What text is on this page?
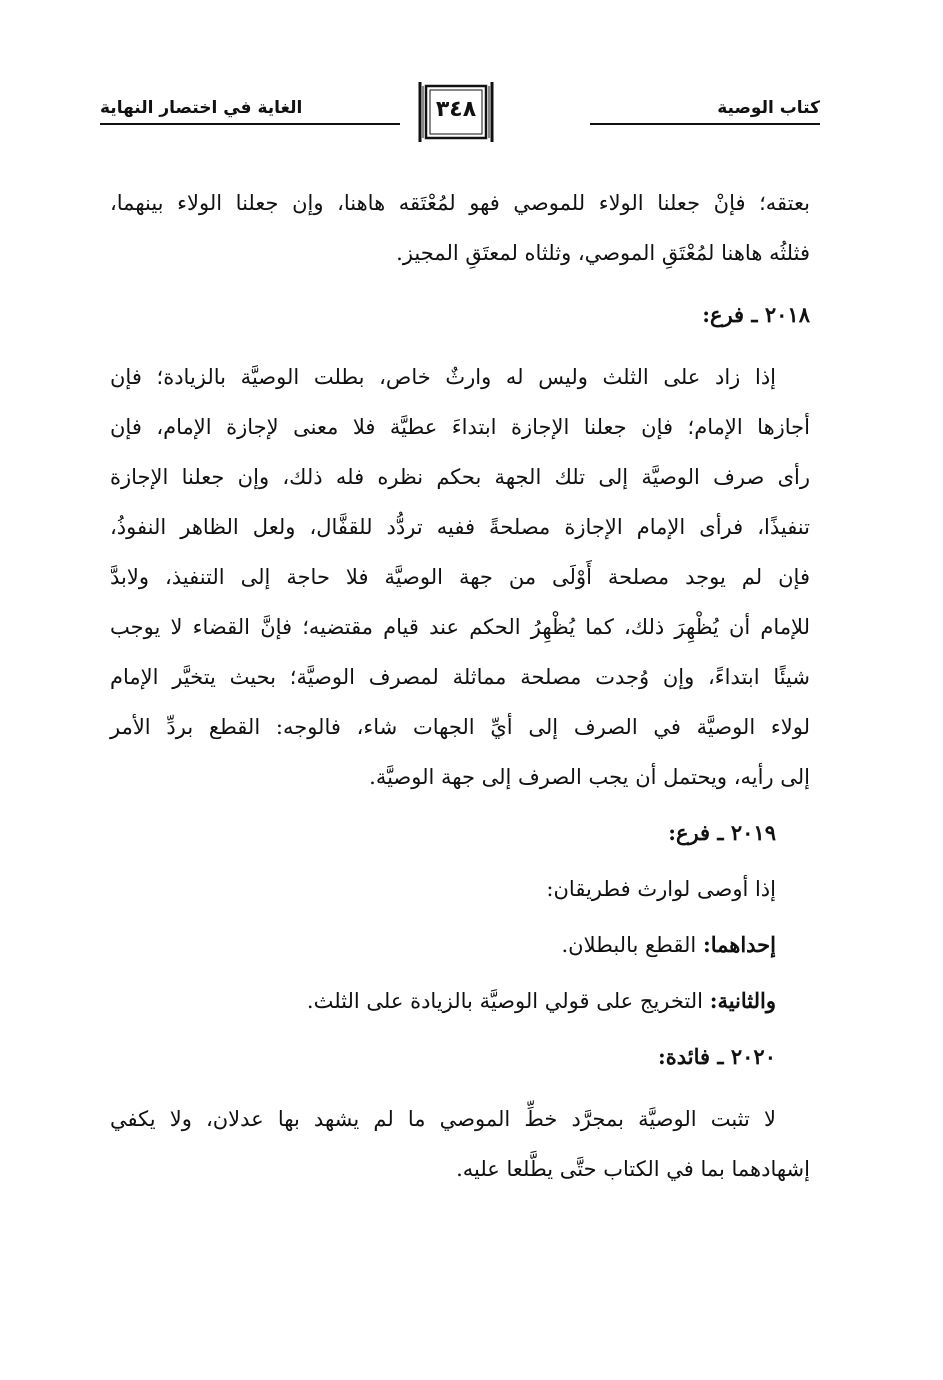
كتاب الوصية
٣٤٨
الغاية في اختصار النهاية
بعتقه؛ فإنْ جعلنا الولاء للموصي فهو لمُعْتَقه هاهنا، وإن جعلنا الولاء بينهما،
فثلثُه هاهنا لمُعْتَقِ الموصي، وثلثاه لمعتَقِ المجيز.
٢٠١٨ ـ فرع:
إذا زاد على الثلث وليس له وارثٌ خاص، بطلت الوصيَّة بالزيادة؛ فإن
أجازها الإمام؛ فإن جعلنا الإجازة ابتداءَ عطيَّة فلا معنى لإجازة الإمام، فإن
رأى صرف الوصيَّة إلى تلك الجهة بحكم نظره فله ذلك، وإن جعلنا الإجازة
تنفيذًا، فرأى الإمام الإجازة مصلحةً ففيه تردُّد للقفَّال، ولعل الظاهر النفوذُ،
فإن لم يوجد مصلحة أَوْلَى من جهة الوصيَّة فلا حاجة إلى التنفيذ، ولابدَّ
للإمام أن يُظْهِرَ ذلك، كما يُظْهِرُ الحكم عند قيام مقتضيه؛ فإنَّ القضاء لا يوجب
شيئًا ابتداءً، وإن وُجدت مصلحة مماثلة لمصرف الوصيَّة؛ بحيث يتخيَّر الإمام
لولاء الوصيَّة في الصرف إلى أيِّ الجهات شاء، فالوجه: القطع بردِّ الأمر
إلى رأيه، ويحتمل أن يجب الصرف إلى جهة الوصيَّة.
٢٠١٩ ـ فرع:
إذا أوصى لوارث فطريقان:
إحداهما: القطع بالبطلان.
والثانية: التخريج على قولي الوصيَّة بالزيادة على الثلث.
٢٠٢٠ ـ فائدة:
لا تثبت الوصيَّة بمجرَّد خطِّ الموصي ما لم يشهد بها عدلان، ولا يكفي
إشهادهما بما في الكتاب حتَّى يطَّلعا عليه.
